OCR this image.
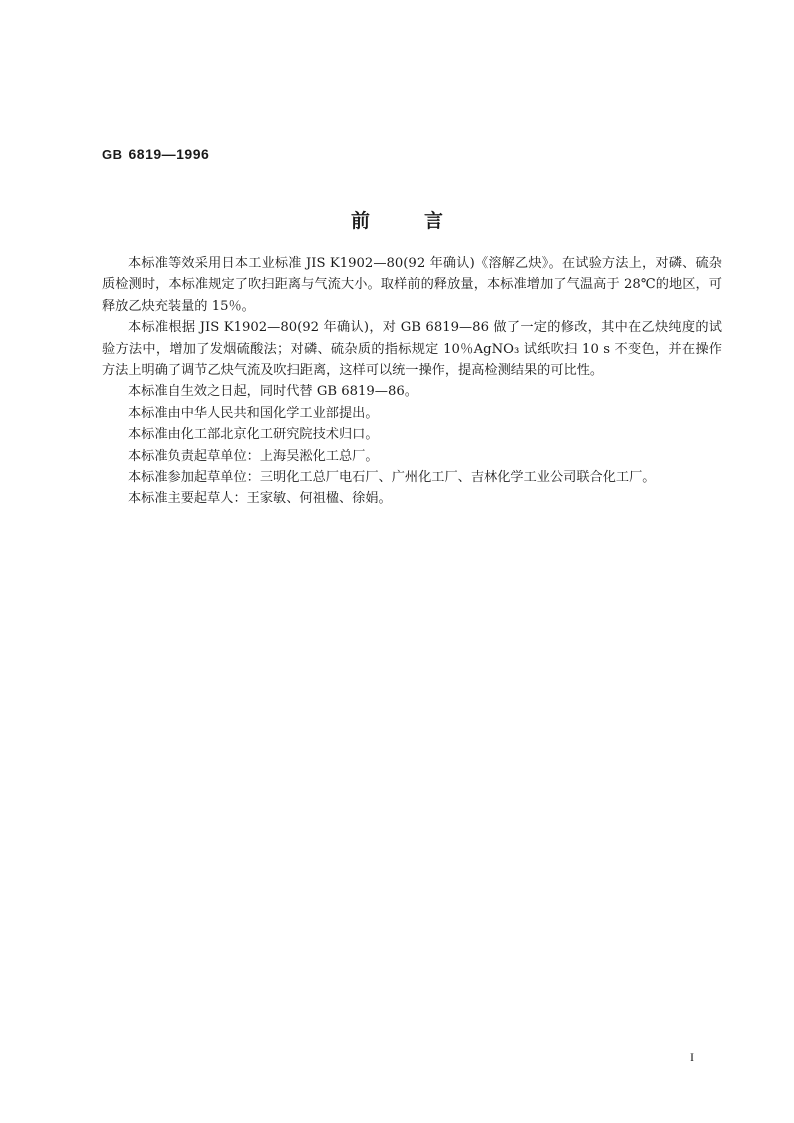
GB 6819—1996
前言

本标准等效采用日本工业标准 JIS K1902—80(92 年确认)《溶解乙炔》。在试验方法上，对磷、硫杂质检测时，本标准规定了吹扫距离与气流大小。取样前的释放量，本标准增加了气温高于 28℃的地区，可释放乙炔充装量的 15％。

本标准根据 JIS K1902—80(92 年确认)，对 GB 6819—86 做了一定的修改，其中在乙炔纯度的试验方法中，增加了发烟硫酸法；对磷、硫杂质的指标规定 10％AgNO₃ 试纸吹扫 10 s 不变色，并在操作方法上明确了调节乙炔气流及吹扫距离，这样可以统一操作，提高检测结果的可比性。

本标准自生效之日起，同时代替 GB 6819—86。

本标准由中华人民共和国化学工业部提出。

本标准由化工部北京化工研究院技术归口。

本标准负责起草单位：上海吴淞化工总厂。

本标准参加起草单位：三明化工总厂电石厂、广州化工厂、吉林化学工业公司联合化工厂。

本标准主要起草人：王家敏、何祖楹、徐娟。

I
